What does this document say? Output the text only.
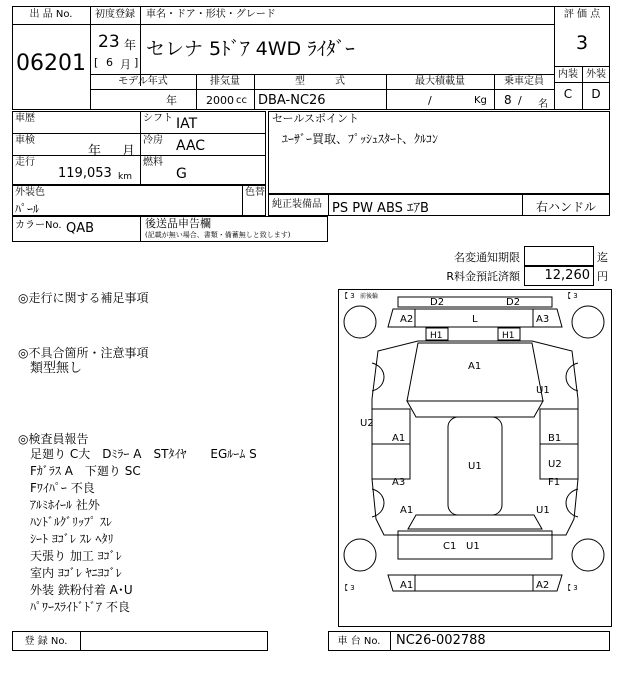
出 品 No.
06201
初度登録
23 年
[ 6 月 ]
車名・ドア・形状・グレード
セレナ 5ﾄﾞｱ 4WD ﾗｲﾀﾞｰ
評 価 点
3
内装 外装
C	D
モデル年式	排気量	型　　　式	最大積載量	乗車定員
年	2000 cc DBA-NC26	/	Kg 8 / 名
車歴
車検
年 月
走行
119,053 km
シフト IAT
冷房 AAC
燃料
G
セールスポイント
ﾕｰｻﾞｰ買取、ﾌﾟｯｼｭｽﾀｰﾄ、ｸﾙｺﾝ
外装色
ﾊﾟｰﾙ
色替
純正装備品 PS PW ABS ｴｱB	右ハンドル
カラーNo. QAB	後送品申告欄
(記載が無い場合、書類・備蓄無しと致します)
名変通知期限	迄
R料金預託済額	12,260 円
◎走行に関する補足事項
◎不具合箇所・注意事項
類型無し
◎検査員報告
足廻り C大　Dﾐﾗｰ A　STﾀｲﾔ　　EGﾙｰﾑ S
Fｶﾞﾗｽ A　下廻り SC
Fﾜｲﾊﾟｰ 不良
ｱﾙﾐﾎｲｰﾙ 社外
ﾊﾝﾄﾞﾙｸﾞﾘｯﾌﾟ ｽﾚ
ｼｰﾄ ﾖｺﾞﾚ ｽﾚ ﾍﾀﾘ
天張り 加工 ﾖｺﾞﾚ
室内 ﾖｺﾞﾚ ﾔﾆﾖｺﾞﾚ
外装 鉄粉付着 A･U
ﾊﾟﾜｰｽﾗｲﾄﾞﾄﾞｱ 不良
【 3 前後輪	【 3
【 3	【 3
D2	D2
A2	L	A3
H1	H1
A1
U1
U2
A1	B1
U1	U2
A3	F1
A1	U1
C1 U1
A1	A2
登 録 No.	車 台 No.	NC26-002788
